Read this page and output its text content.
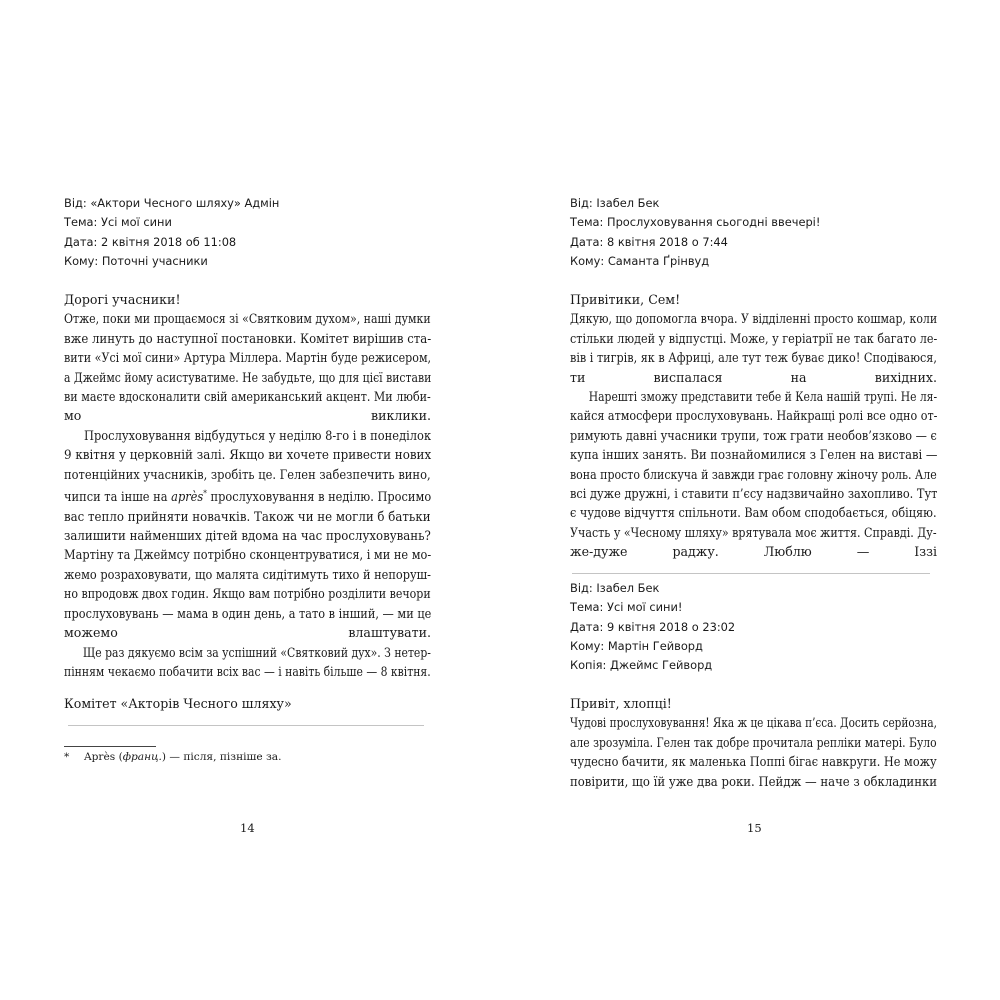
Від: «Актори Чесного шляху» Адмін
Тема: Усі мої сини
Дата: 2 квітня 2018 об 11:08
Кому: Поточні учасники

Дорогі учасники!

Отже, поки ми прощаємося зі «Святковим духом», наші думки
вже линуть до наступної постановки. Комітет вирішив ста-
вити «Усі мої сини» Артура Міллера. Мартін буде режисером,
а Джеймс йому асистуватиме. Не забудьте, що для цієї вистави
ви маєте вдосконалити свій американський акцент. Ми люби-
мо виклики.

Прослуховування відбудуться у неділю 8-го і в понеділок
9 квітня у церковній залі. Якщо ви хочете привести нових
потенційних учасників, зробіть це. Гелен забезпечить вино,
чипси та інше на après* прослуховування в неділю. Просимо
вас тепло прийняти новачків. Також чи не могли б батьки
залишити найменших дітей вдома на час прослуховувань?
Мартіну та Джеймсу потрібно сконцентруватися, і ми не мо-
жемо розраховувати, що малята сидітимуть тихо й непоруш-
но впродовж двох годин. Якщо вам потрібно розділити вечори
прослуховувань — мама в один день, а тато в інший, — ми це
можемо влаштувати.

Ще раз дякуємо всім за успішний «Святковий дух». З нетер-
пінням чекаємо побачити всіх вас — і навіть більше — 8 квітня.

Комітет «Акторів Чесного шляху»
* Après (франц.) — після, пізніше за.
14
Від: Ізабел Бек
Тема: Прослуховування сьогодні ввечері!
Дата: 8 квітня 2018 о 7:44
Кому: Саманта Ґрінвуд

Привітики, Сем!

Дякую, що допомогла вчора. У відділенні просто кошмар, коли
стільки людей у відпустці. Може, у геріатрії не так багато ле-
вів і тигрів, як в Африці, але тут теж буває дико! Сподіваюся,
ти виспалася на вихідних.

Нарешті зможу представити тебе й Кела нашій трупі. Не ля-
кайся атмосфери прослуховувань. Найкращі ролі все одно от-
римують давні учасники трупи, тож грати необов’язково — є
купа інших занять. Ви познайомилися з Гелен на виставі —
вона просто блискуча й завжди грає головну жіночу роль. Але
всі дуже дружні, і ставити п’єсу надзвичайно захопливо. Тут
є чудове відчуття спільноти. Вам обом сподобається, обіцяю.
Участь у «Чесному шляху» врятувала моє життя. Справді. Ду-
же-дуже раджу. Люблю — Іззі

Від: Ізабел Бек
Тема: Усі мої сини!
Дата: 9 квітня 2018 о 23:02
Кому: Мартін Гейворд
Копія: Джеймс Гейворд

Привіт, хлопці!

Чудові прослуховування! Яка ж це цікава п’єса. Досить серйозна,
але зрозуміла. Гелен так добре прочитала репліки матері. Було
чудесно бачити, як маленька Поппі бігає навкруги. Не можу
повірити, що їй уже два роки. Пейдж — наче з обкладинки

15
